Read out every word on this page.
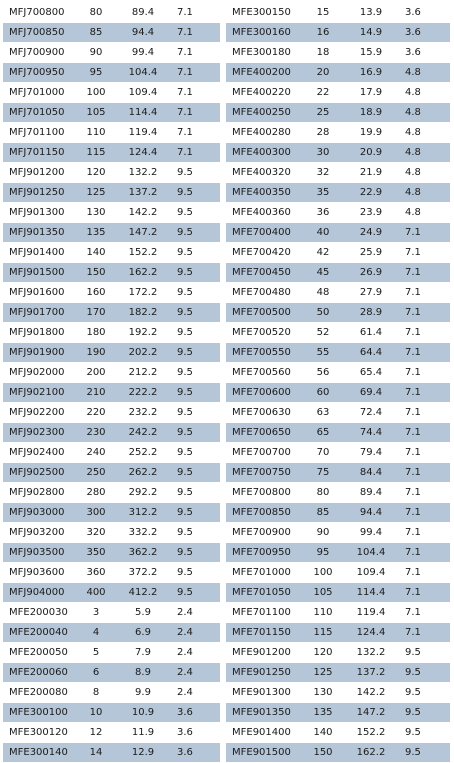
MFJ700800	80	89.4	7.1
MFJ700850	85	94.4	7.1
MFJ700900	90	99.4	7.1
MFJ700950	95	104.4	7.1
MFJ701000	100	109.4	7.1
MFJ701050	105	114.4	7.1
MFJ701100	110	119.4	7.1
MFJ701150	115	124.4	7.1
MFJ901200	120	132.2	9.5
MFJ901250	125	137.2	9.5
MFJ901300	130	142.2	9.5
MFJ901350	135	147.2	9.5
MFJ901400	140	152.2	9.5
MFJ901500	150	162.2	9.5
MFJ901600	160	172.2	9.5
MFJ901700	170	182.2	9.5
MFJ901800	180	192.2	9.5
MFJ901900	190	202.2	9.5
MFJ902000	200	212.2	9.5
MFJ902100	210	222.2	9.5
MFJ902200	220	232.2	9.5
MFJ902300	230	242.2	9.5
MFJ902400	240	252.2	9.5
MFJ902500	250	262.2	9.5
MFJ902800	280	292.2	9.5
MFJ903000	300	312.2	9.5
MFJ903200	320	332.2	9.5
MFJ903500	350	362.2	9.5
MFJ903600	360	372.2	9.5
MFJ904000	400	412.2	9.5
MFE200030	3	5.9	2.4
MFE200040	4	6.9	2.4
MFE200050	5	7.9	2.4
MFE200060	6	8.9	2.4
MFE200080	8	9.9	2.4
MFE300100	10	10.9	3.6
MFE300120	12	11.9	3.6
MFE300140	14	12.9	3.6
MFE300150	15	13.9	3.6
MFE300160	16	14.9	3.6
MFE300180	18	15.9	3.6
MFE400200	20	16.9	4.8
MFE400220	22	17.9	4.8
MFE400250	25	18.9	4.8
MFE400280	28	19.9	4.8
MFE400300	30	20.9	4.8
MFE400320	32	21.9	4.8
MFE400350	35	22.9	4.8
MFE400360	36	23.9	4.8
MFE700400	40	24.9	7.1
MFE700420	42	25.9	7.1
MFE700450	45	26.9	7.1
MFE700480	48	27.9	7.1
MFE700500	50	28.9	7.1
MFE700520	52	61.4	7.1
MFE700550	55	64.4	7.1
MFE700560	56	65.4	7.1
MFE700600	60	69.4	7.1
MFE700630	63	72.4	7.1
MFE700650	65	74.4	7.1
MFE700700	70	79.4	7.1
MFE700750	75	84.4	7.1
MFE700800	80	89.4	7.1
MFE700850	85	94.4	7.1
MFE700900	90	99.4	7.1
MFE700950	95	104.4	7.1
MFE701000	100	109.4	7.1
MFE701050	105	114.4	7.1
MFE701100	110	119.4	7.1
MFE701150	115	124.4	7.1
MFE901200	120	132.2	9.5
MFE901250	125	137.2	9.5
MFE901300	130	142.2	9.5
MFE901350	135	147.2	9.5
MFE901400	140	152.2	9.5
MFE901500	150	162.2	9.5
